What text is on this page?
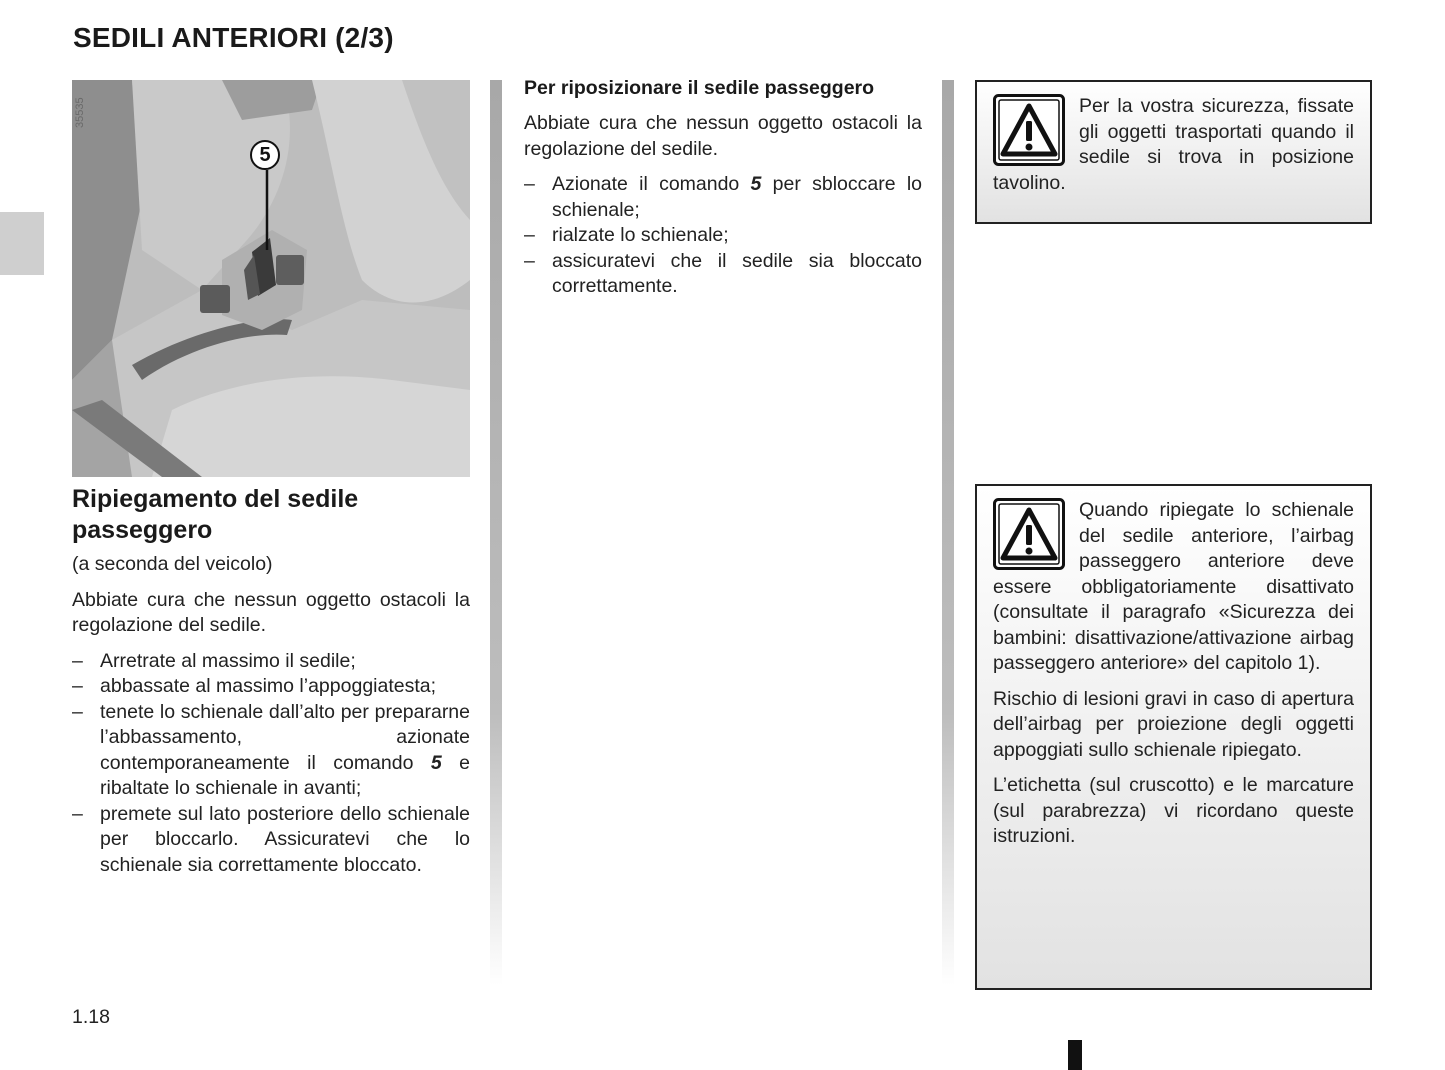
SEDILI ANTERIORI (2/3)
35535
5
Ripiegamento del sedile passeggero

(a seconda del veicolo)

Abbiate cura che nessun oggetto ostacoli la regolazione del sedile.

– Arretrate al massimo il sedile;
– abbassate al massimo l’appoggiatesta;
– tenete lo schienale dall’alto per prepararne l’abbassamento, azionate contemporaneamente il comando 5 e ribaltate lo schienale in avanti;
– premete sul lato posteriore dello schienale per bloccarlo. Assicuratevi che lo schienale sia correttamente bloccato.
Per riposizionare il sedile passeggero

Abbiate cura che nessun oggetto ostacoli la regolazione del sedile.

– Azionate il comando 5 per sbloccare lo schienale;
– rialzate lo schienale;
– assicuratevi che il sedile sia bloccato correttamente.

Per la vostra sicurezza, fissate gli oggetti trasportati quando il sedile si trova in posizione tavolino.

Quando ripiegate lo schienale del sedile anteriore, l’airbag passeggero anteriore deve essere obbligatoriamente disattivato (consultate il paragrafo «Sicurezza dei bambini: disattivazione/attivazione airbag passeggero anteriore» del capitolo 1).

Rischio di lesioni gravi in caso di apertura dell’airbag per proiezione degli oggetti appoggiati sullo schienale ripiegato.

L’etichetta (sul cruscotto) e le marcature (sul parabrezza) vi ricordano queste istruzioni.

1.18
